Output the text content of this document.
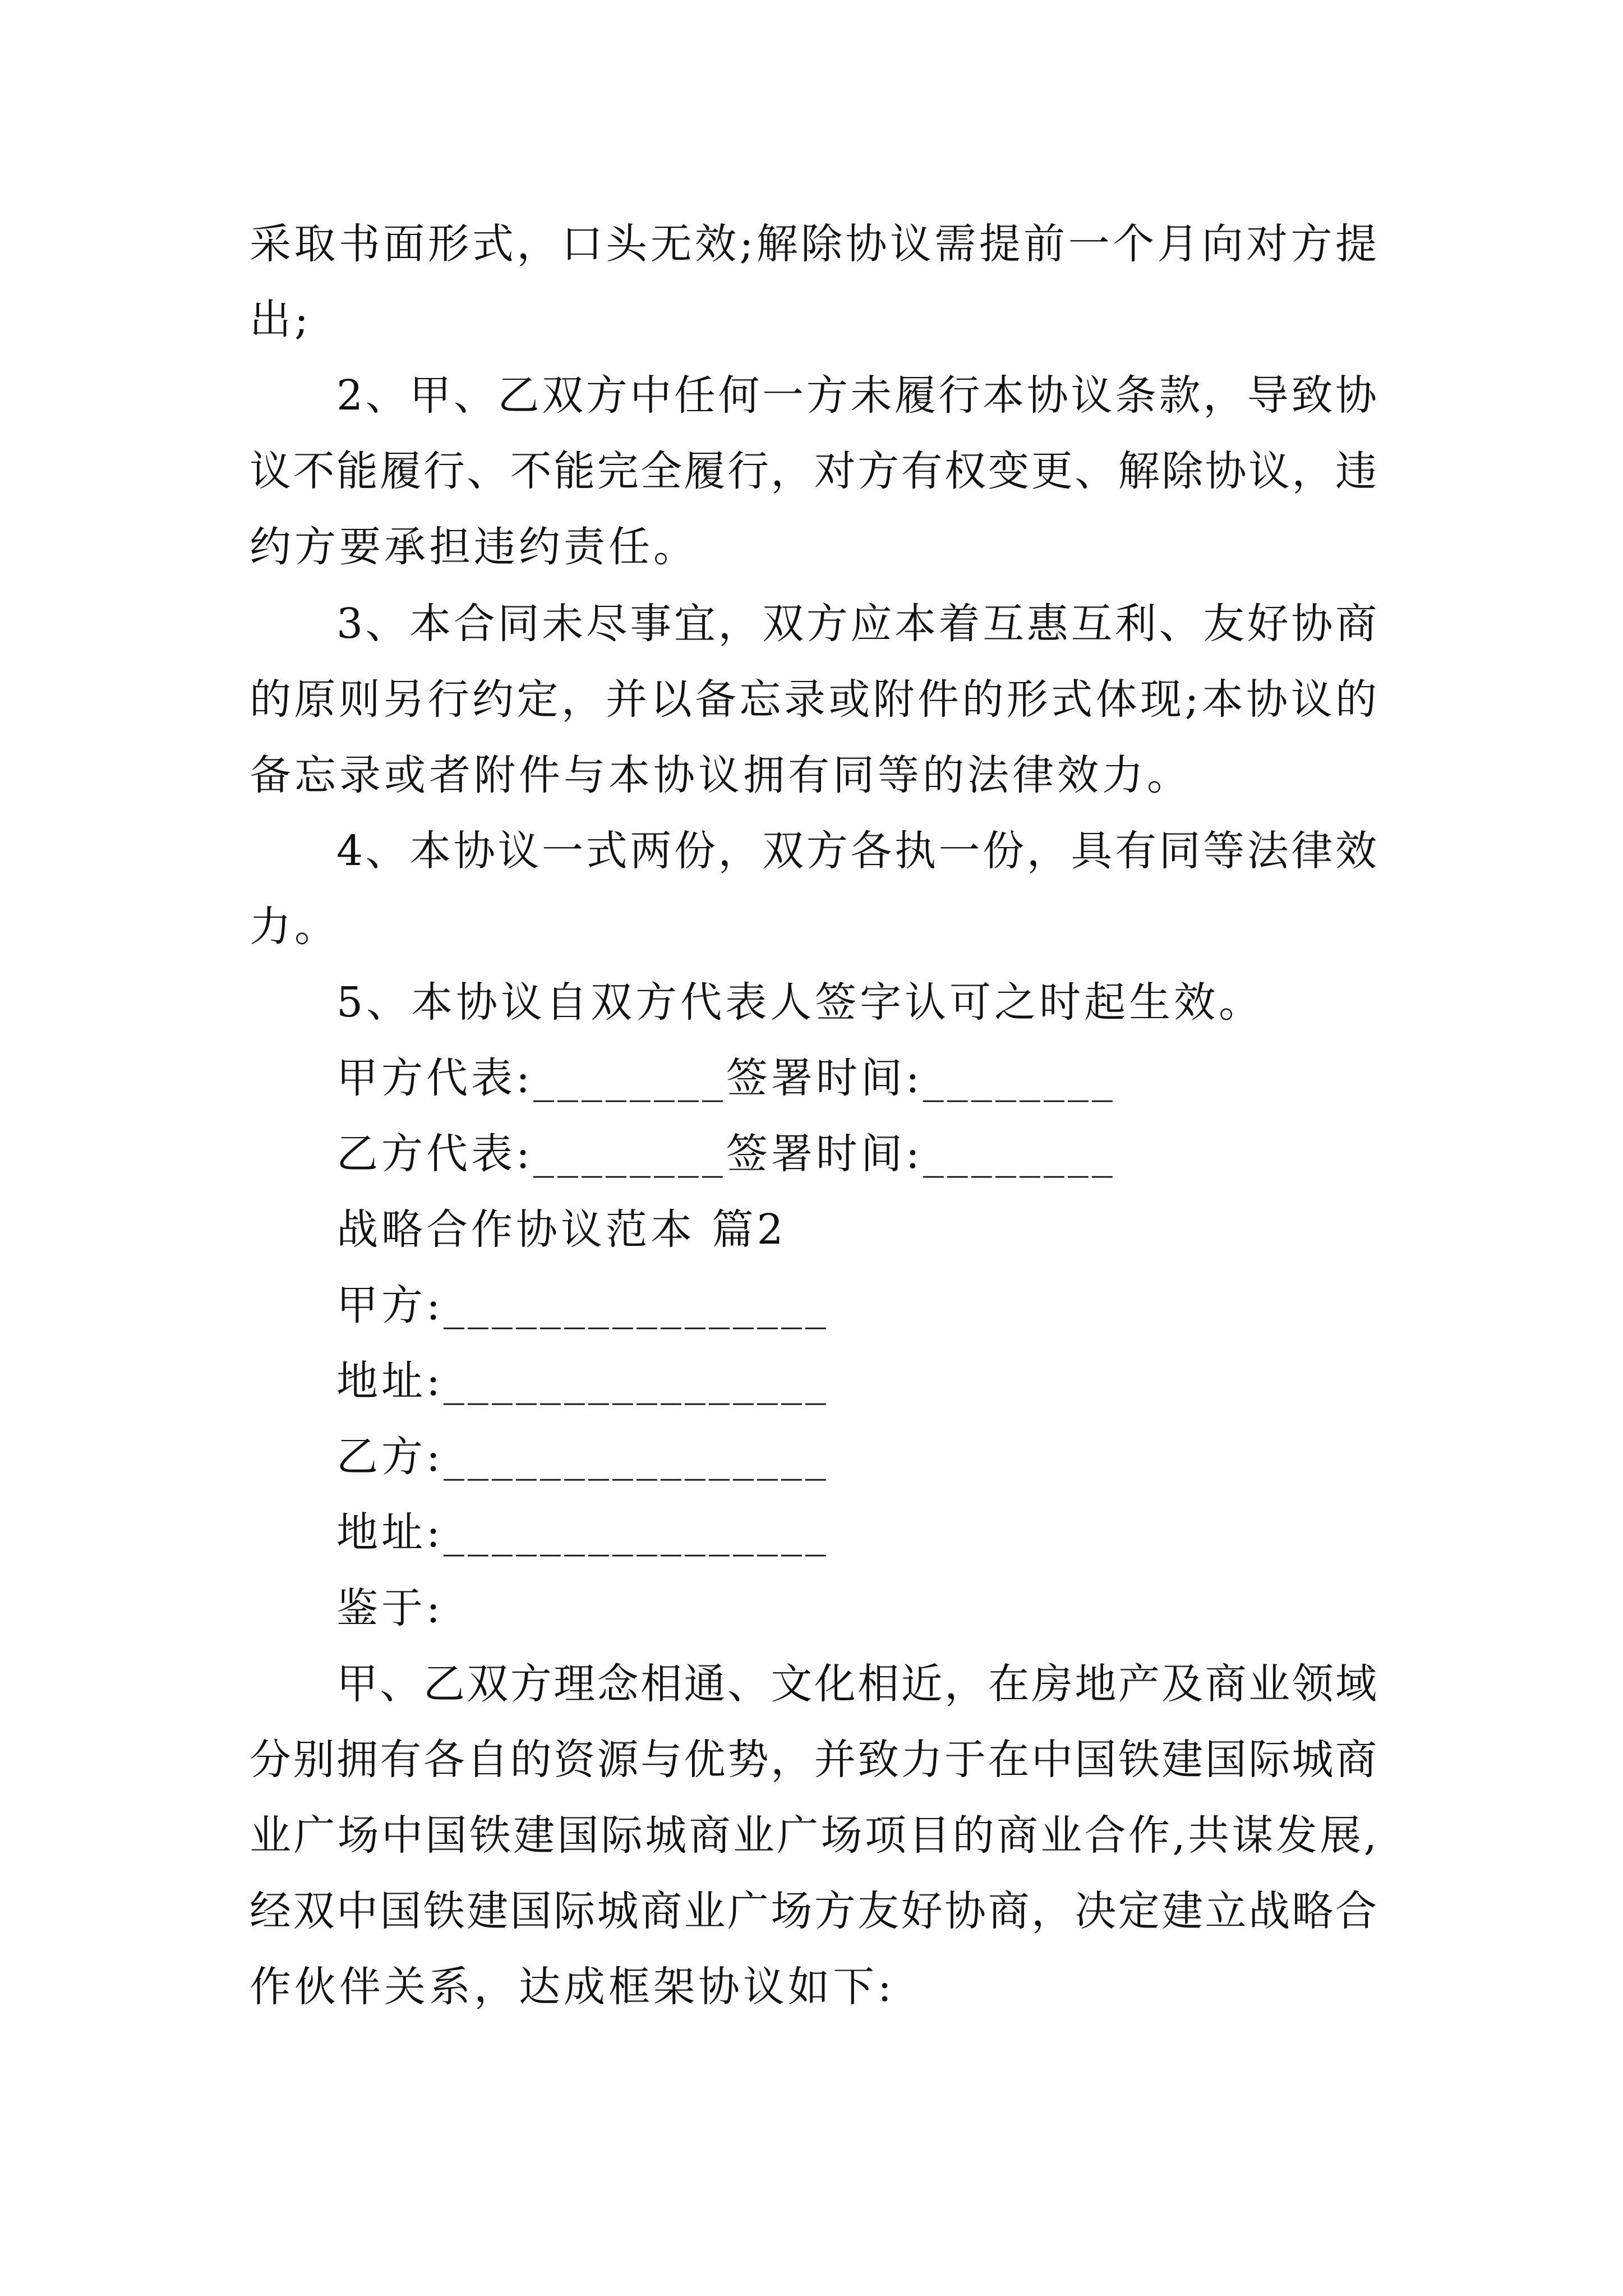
采取书面形式，口头无效;解除协议需提前一个月向对方提
出;
2、甲、乙双方中任何一方未履行本协议条款，导致协
议不能履行、不能完全履行，对方有权变更、解除协议，违
约方要承担违约责任。
3、本合同未尽事宜，双方应本着互惠互利、友好协商
的原则另行约定，并以备忘录或附件的形式体现;本协议的
备忘录或者附件与本协议拥有同等的法律效力。
4、本协议一式两份，双方各执一份，具有同等法律效
力。
5、本协议自双方代表人签字认可之时起生效。
甲方代表:________签署时间:________
乙方代表:________签署时间:________
战略合作协议范本 篇2
甲方:________________
地址:________________
乙方:________________
地址:________________
鉴于:
甲、乙双方理念相通、文化相近，在房地产及商业领域
分别拥有各自的资源与优势，并致力于在中国铁建国际城商
业广场中国铁建国际城商业广场项目的商业合作,共谋发展,
经双中国铁建国际城商业广场方友好协商，决定建立战略合
作伙伴关系，达成框架协议如下:
